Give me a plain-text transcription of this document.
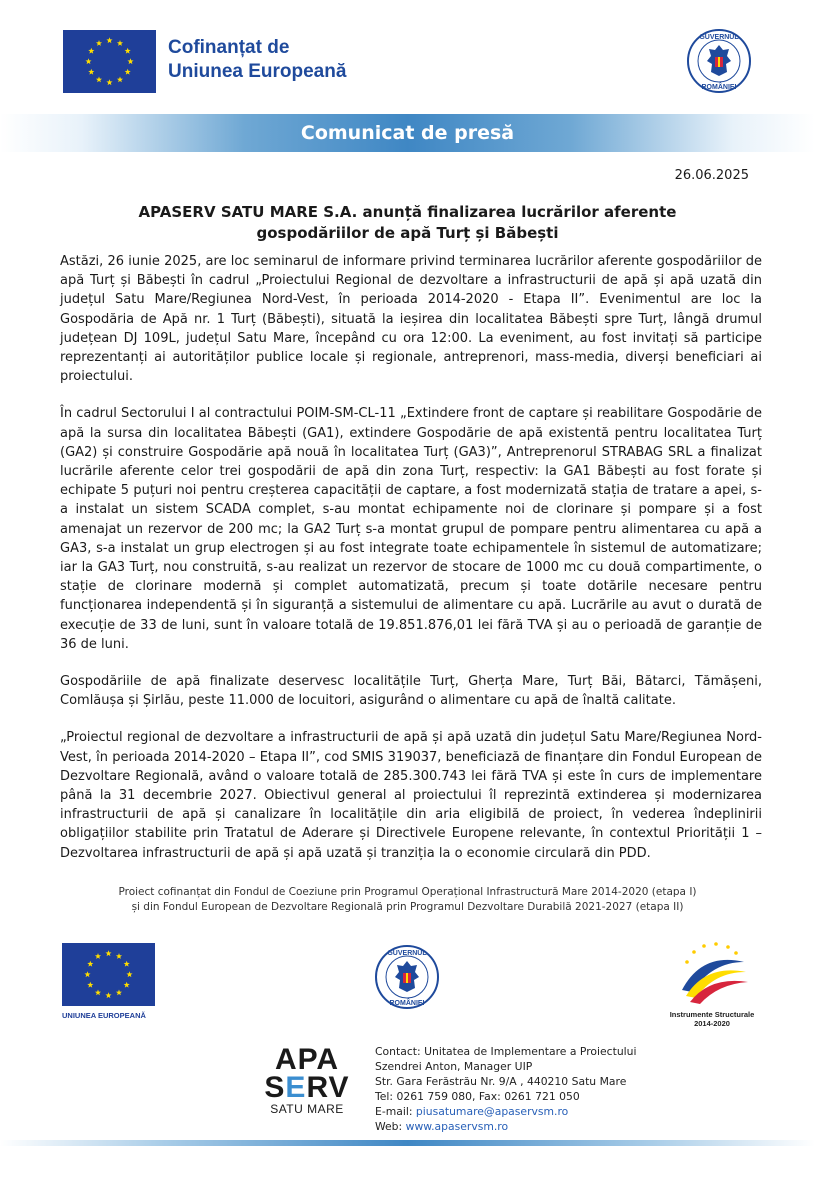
Cofinanțat de
Uniunea Europeană
GUVERNUL
ROMÂNIEI
Comunicat de presă
26.06.2025
APASERV SATU MARE S.A. anunță finalizarea lucrărilor aferente
gospodăriilor de apă Turț și Băbești

Astăzi, 26 iunie 2025, are loc seminarul de informare privind terminarea lucrărilor aferente gospodăriilor de apă Turț și Băbești în cadrul „Proiectului Regional de dezvoltare a infrastructurii de apă și apă uzată din județul Satu Mare/Regiunea Nord-Vest, în perioada 2014-2020 - Etapa II”. Evenimentul are loc la Gospodăria de Apă nr. 1 Turț (Băbești), situată la ieșirea din localitatea Băbești spre Turț, lângă drumul județean DJ 109L, județul Satu Mare, începând cu ora 12:00. La eveniment, au fost invitați să participe reprezentanți ai autorităților publice locale și regionale, antreprenori, mass-media, diverși beneficiari ai proiectului.

În cadrul Sectorului I al contractului POIM-SM-CL-11 „Extindere front de captare și reabilitare Gospodărie de apă la sursa din localitatea Băbești (GA1), extindere Gospodărie de apă existentă pentru localitatea Turț (GA2) și construire Gospodărie apă nouă în localitatea Turț (GA3)”, Antreprenorul STRABAG SRL a finalizat lucrările aferente celor trei gospodării de apă din zona Turț, respectiv: la GA1 Băbești au fost forate și echipate 5 puțuri noi pentru creșterea capacității de captare, a fost modernizată stația de tratare a apei, s-a instalat un sistem SCADA complet, s-au montat echipamente noi de clorinare și pompare și a fost amenajat un rezervor de 200 mc; la GA2 Turț s-a montat grupul de pompare pentru alimentarea cu apă a GA3, s-a instalat un grup electrogen și au fost integrate toate echipamentele în sistemul de automatizare; iar la GA3 Turț, nou construită, s-au realizat un rezervor de stocare de 1000 mc cu două compartimente, o stație de clorinare modernă și complet automatizată, precum și toate dotările necesare pentru funcționarea independentă și în siguranță a sistemului de alimentare cu apă. Lucrările au avut o durată de execuție de 33 de luni, sunt în valoare totală de 19.851.876,01 lei fără TVA și au o perioadă de garanție de 36 de luni.

Gospodăriile de apă finalizate deservesc localitățile Turț, Gherța Mare, Turț Băi, Bătarci, Tămășeni, Comlăușa și Șirlău, peste 11.000 de locuitori, asigurând o alimentare cu apă de înaltă calitate.

„Proiectul regional de dezvoltare a infrastructurii de apă și apă uzată din județul Satu Mare/Regiunea Nord-Vest, în perioada 2014-2020 – Etapa II”, cod SMIS 319037, beneficiază de finanțare din Fondul European de Dezvoltare Regională, având o valoare totală de 285.300.743 lei fără TVA și este în curs de implementare până la 31 decembrie 2027. Obiectivul general al proiectului îl reprezintă extinderea și modernizarea infrastructurii de apă și canalizare în localitățile din aria eligibilă de proiect, în vederea îndeplinirii obligațiilor stabilite prin Tratatul de Aderare și Directivele Europene relevante, în contextul Priorității 1 – Dezvoltarea infrastructurii de apă și apă uzată și tranziția la o economie circulară din PDD.

Proiect cofinanțat din Fondul de Coeziune prin Programul Operațional Infrastructură Mare 2014-2020 (etapa I)
și din Fondul European de Dezvoltare Regională prin Programul Dezvoltare Durabilă 2021-2027 (etapa II)
UNIUNEA EUROPEANĂ
GUVERNUL
ROMÂNIEI
Instrumente Structurale
2014-2020
APA
SERV
SATU MARE
Contact: Unitatea de Implementare a Proiectului
Szendrei Anton, Manager UIP
Str. Gara Ferăstrău Nr. 9/A , 440210 Satu Mare
Tel: 0261 759 080, Fax: 0261 721 050
E-mail: piusatumare@apaservsm.ro
Web: www.apaservsm.ro
